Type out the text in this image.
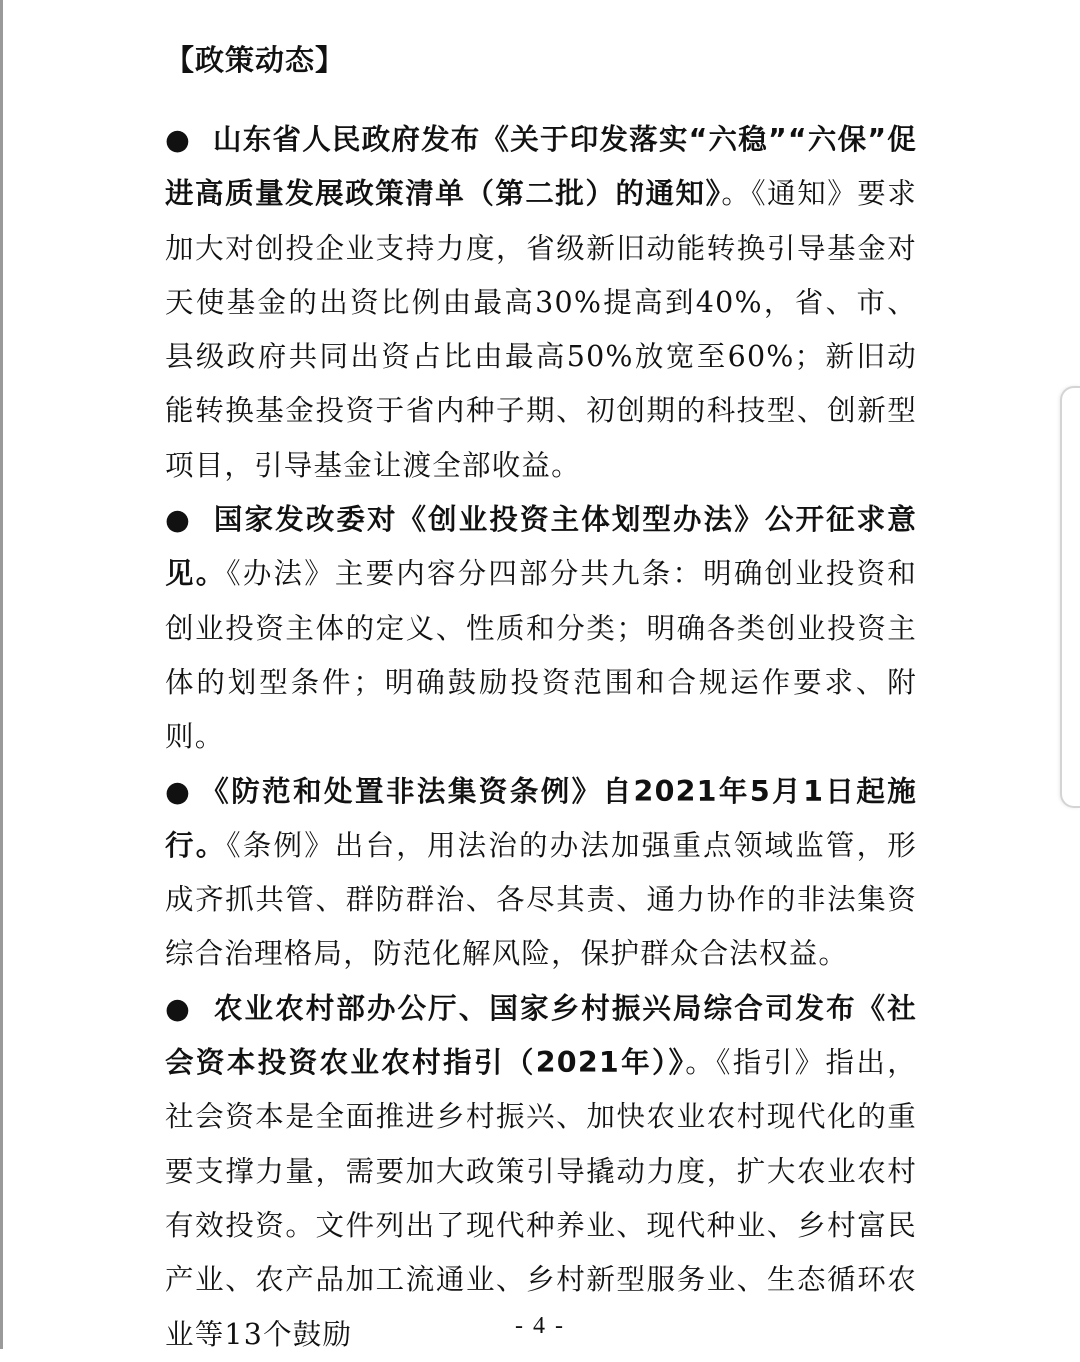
【政策动态】

● 山东省人民政府发布《关于印发落实“六稳”“六保”促进高质量发展政策清单（第二批）的通知》。《通知》要求加大对创投企业支持力度，省级新旧动能转换引导基金对天使基金的出资比例由最高30%提高到40%，省、市、县级政府共同出资占比由最高50%放宽至60%；新旧动能转换基金投资于省内种子期、初创期的科技型、创新型项目，引导基金让渡全部收益。

● 国家发改委对《创业投资主体划型办法》公开征求意见。《办法》主要内容分四部分共九条：明确创业投资和创业投资主体的定义、性质和分类；明确各类创业投资主体的划型条件；明确鼓励投资范围和合规运作要求、附则。

● 《防范和处置非法集资条例》自2021年5月1日起施行。《条例》出台，用法治的办法加强重点领域监管，形成齐抓共管、群防群治、各尽其责、通力协作的非法集资综合治理格局，防范化解风险，保护群众合法权益。

● 农业农村部办公厅、国家乡村振兴局综合司发布《社会资本投资农业农村指引（2021年）》。《指引》指出，社会资本是全面推进乡村振兴、加快农业农村现代化的重要支撑力量，需要加大政策引导撬动力度，扩大农业农村有效投资。文件列出了现代种养业、现代种业、乡村富民产业、农产品加工流通业、乡村新型服务业、生态循环农业等13个鼓励	- 4 -
